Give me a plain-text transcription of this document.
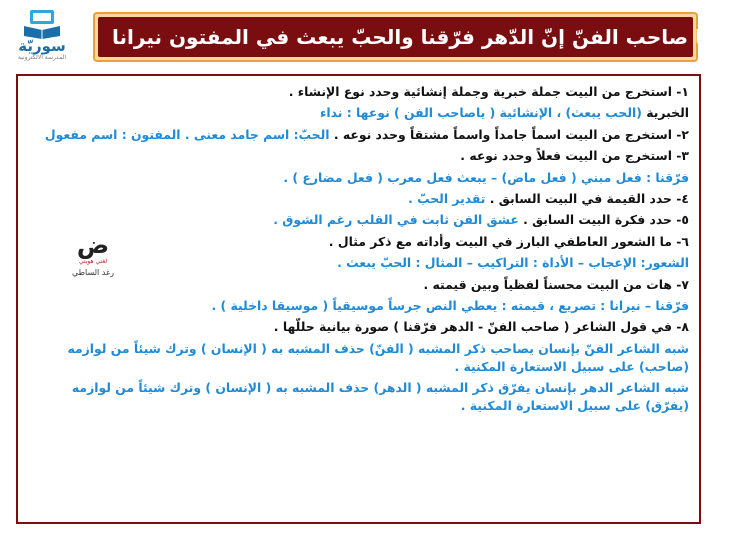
سوريّة
المدرسة الالكترونية
١-يا صاحب الفنّ إنّ الدّهر فرّقنا والحبّ يبعث في المفتون نيرانا
١- استخرج من البيت جملة خبرية وجملة إنشائية وحدد نوع الإنشاء .
الخبرية (الحب يبعث) ، الإنشائية ( ياصاحب الفن ) نوعها : نداء
٢- استخرج من البيت اسماً جامداً واسماً مشتقاً وحدد نوعه . الحبّ: اسم جامد معنى . المفتون : اسم مفعول
٣- استخرج من البيت فعلاً وحدد نوعه .
فرّقنا : فعل مبني ( فعل ماض) – يبعث فعل معرب ( فعل مضارع ) .
٤- حدد القيمة في البيت السابق . تقدير الحبّ .
٥- حدد فكرة البيت السابق . عشق الفن ثابت في القلب رغم الشوق .
٦- ما الشعور العاطفي البارز في البيت وأداته مع ذكر مثال .
الشعور: الإعجاب – الأداة : التراكيب – المثال : الحبّ يبعث .
٧- هات من البيت محسناً لفظياً وبين قيمته .
فرّقنا – نيرانا : تصريع ، قيمته : يعطي النص جرساً موسيقياً ( موسيقا داخلية ) .
٨- في قول الشاعر ( صاحب الفنّ - الدهر فرّقنا ) صورة بيانية حللّها .
شبه الشاعر الفنّ بإنسان يصاحب ذكر المشبه ( الفنّ) حذف المشبه به ( الإنسان ) وترك شيئاً من لوازمه (صاحب) على سبيل الاستعارة المكنية .
شبه الشاعر الدهر بإنسان يفرّق ذكر المشبه ( الدهر) حذف المشبه به ( الإنسان ) وترك شيئاً من لوازمه (يفرّق) على سبيل الاستعارة المكنية .
ض
لغتي هويتي
رغد الساطي
